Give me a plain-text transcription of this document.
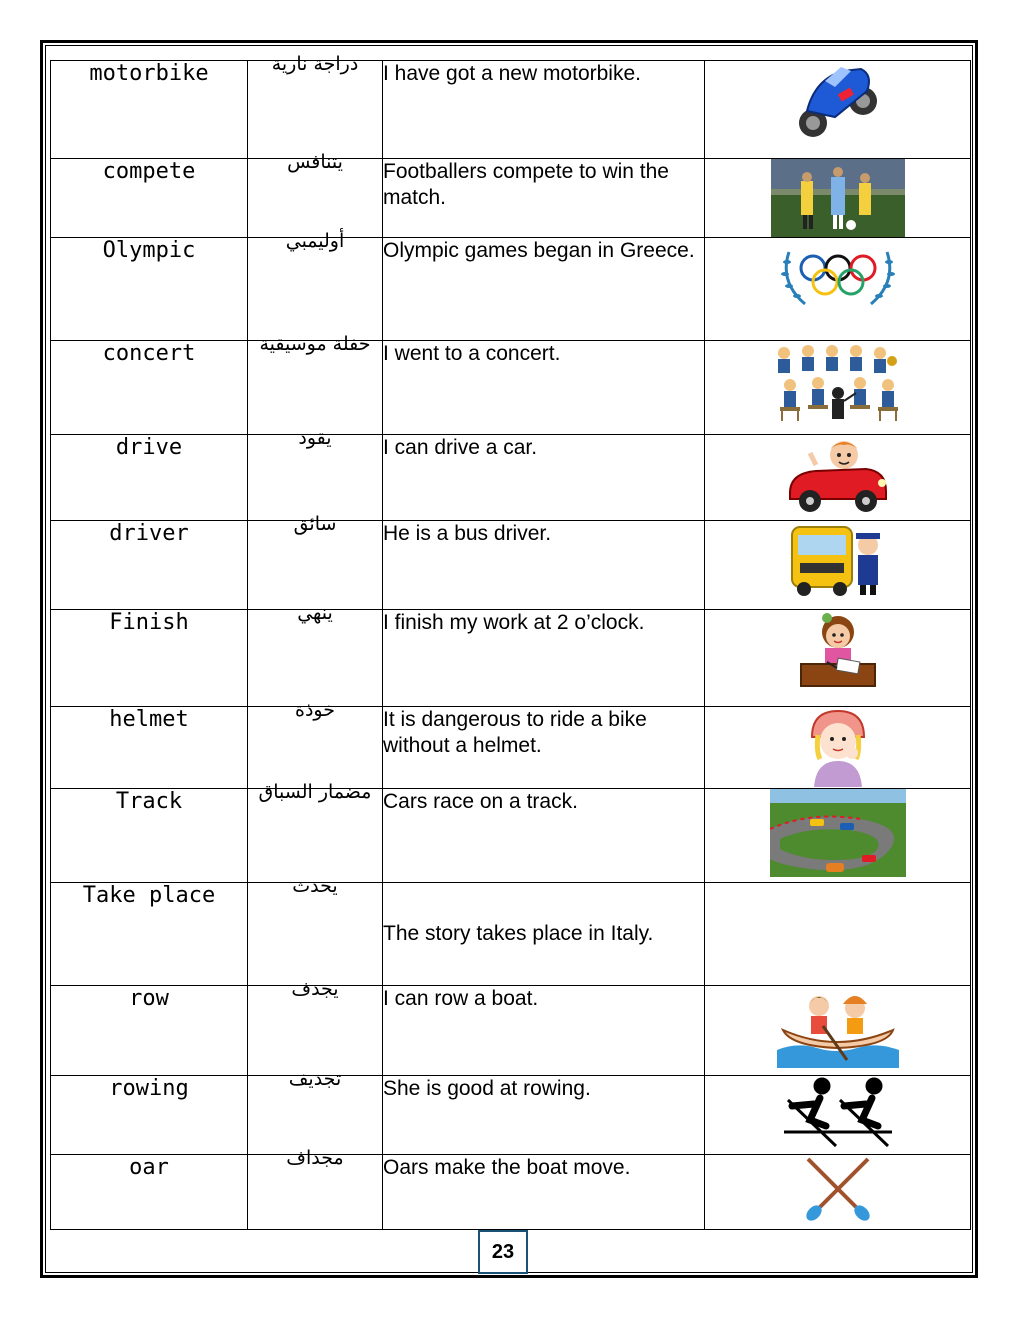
motorbike	دراجة نارية	I have got a new motorbike.	
compete	يتنافس	Footballers compete to win the match.	
Olympic	أوليمبي	Olympic games began in Greece.	
concert	حفلة موسيقية	I went to a concert.	
drive	يقود	I can drive a car.	
driver	سائق	He is a bus driver.	
Finish	ينهي	I finish my work at 2 o’clock.	
helmet	خوذة	It is dangerous to ride a bike without a helmet.	
Track	مضمار السباق	Cars race on a track.	
Take place	يحدث	The story takes place in Italy.	
row	يجدف	I can row a boat.	
rowing	تجديف	She is good at rowing.	
oar	مجداف	Oars make the boat move.	
23
